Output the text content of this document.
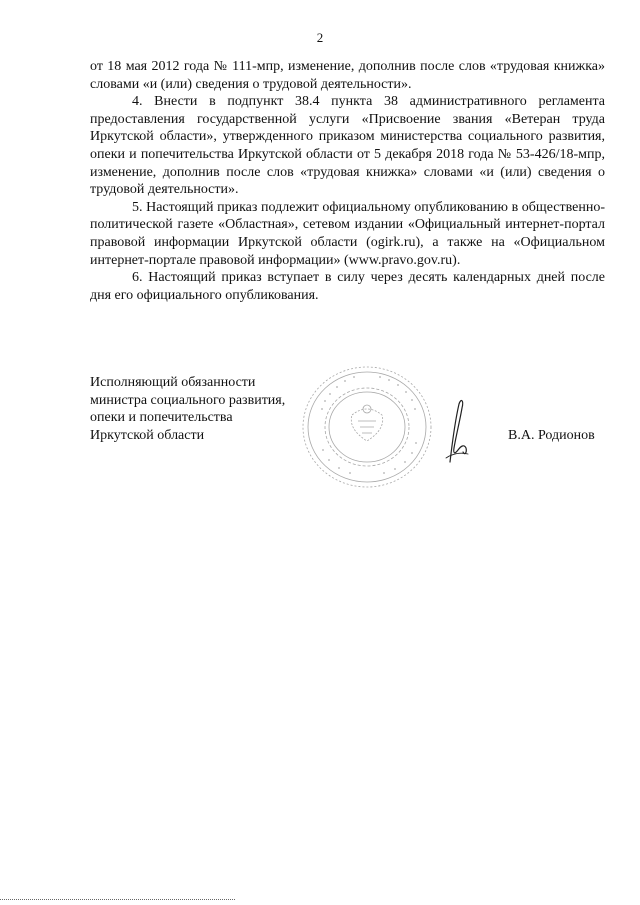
2

от 18 мая 2012 года № 111-мпр, изменение, дополнив после слов «трудовая книжка» словами «и (или) сведения о трудовой деятельности».

4. Внести в подпункт 38.4 пункта 38 административного регламента предоставления государственной услуги «Присвоение звания «Ветеран труда Иркутской области», утвержденного приказом министерства социального развития, опеки и попечительства Иркутской области от 5 декабря 2018 года № 53-426/18-мпр, изменение, дополнив после слов «трудовая книжка» словами «и (или) сведения о трудовой деятельности».

5. Настоящий приказ подлежит официальному опубликованию в общественно-политической газете «Областная», сетевом издании «Официальный интернет-портал правовой информации Иркутской области (ogirk.ru), а также на «Официальном интернет-портале правовой информации» (www.pravo.gov.ru).

6. Настоящий приказ вступает в силу через десять календарных дней после дня его официального опубликования.

Исполняющий обязанности
министра социального развития,
опеки и попечительства
Иркутской области	В.А. Родионов
